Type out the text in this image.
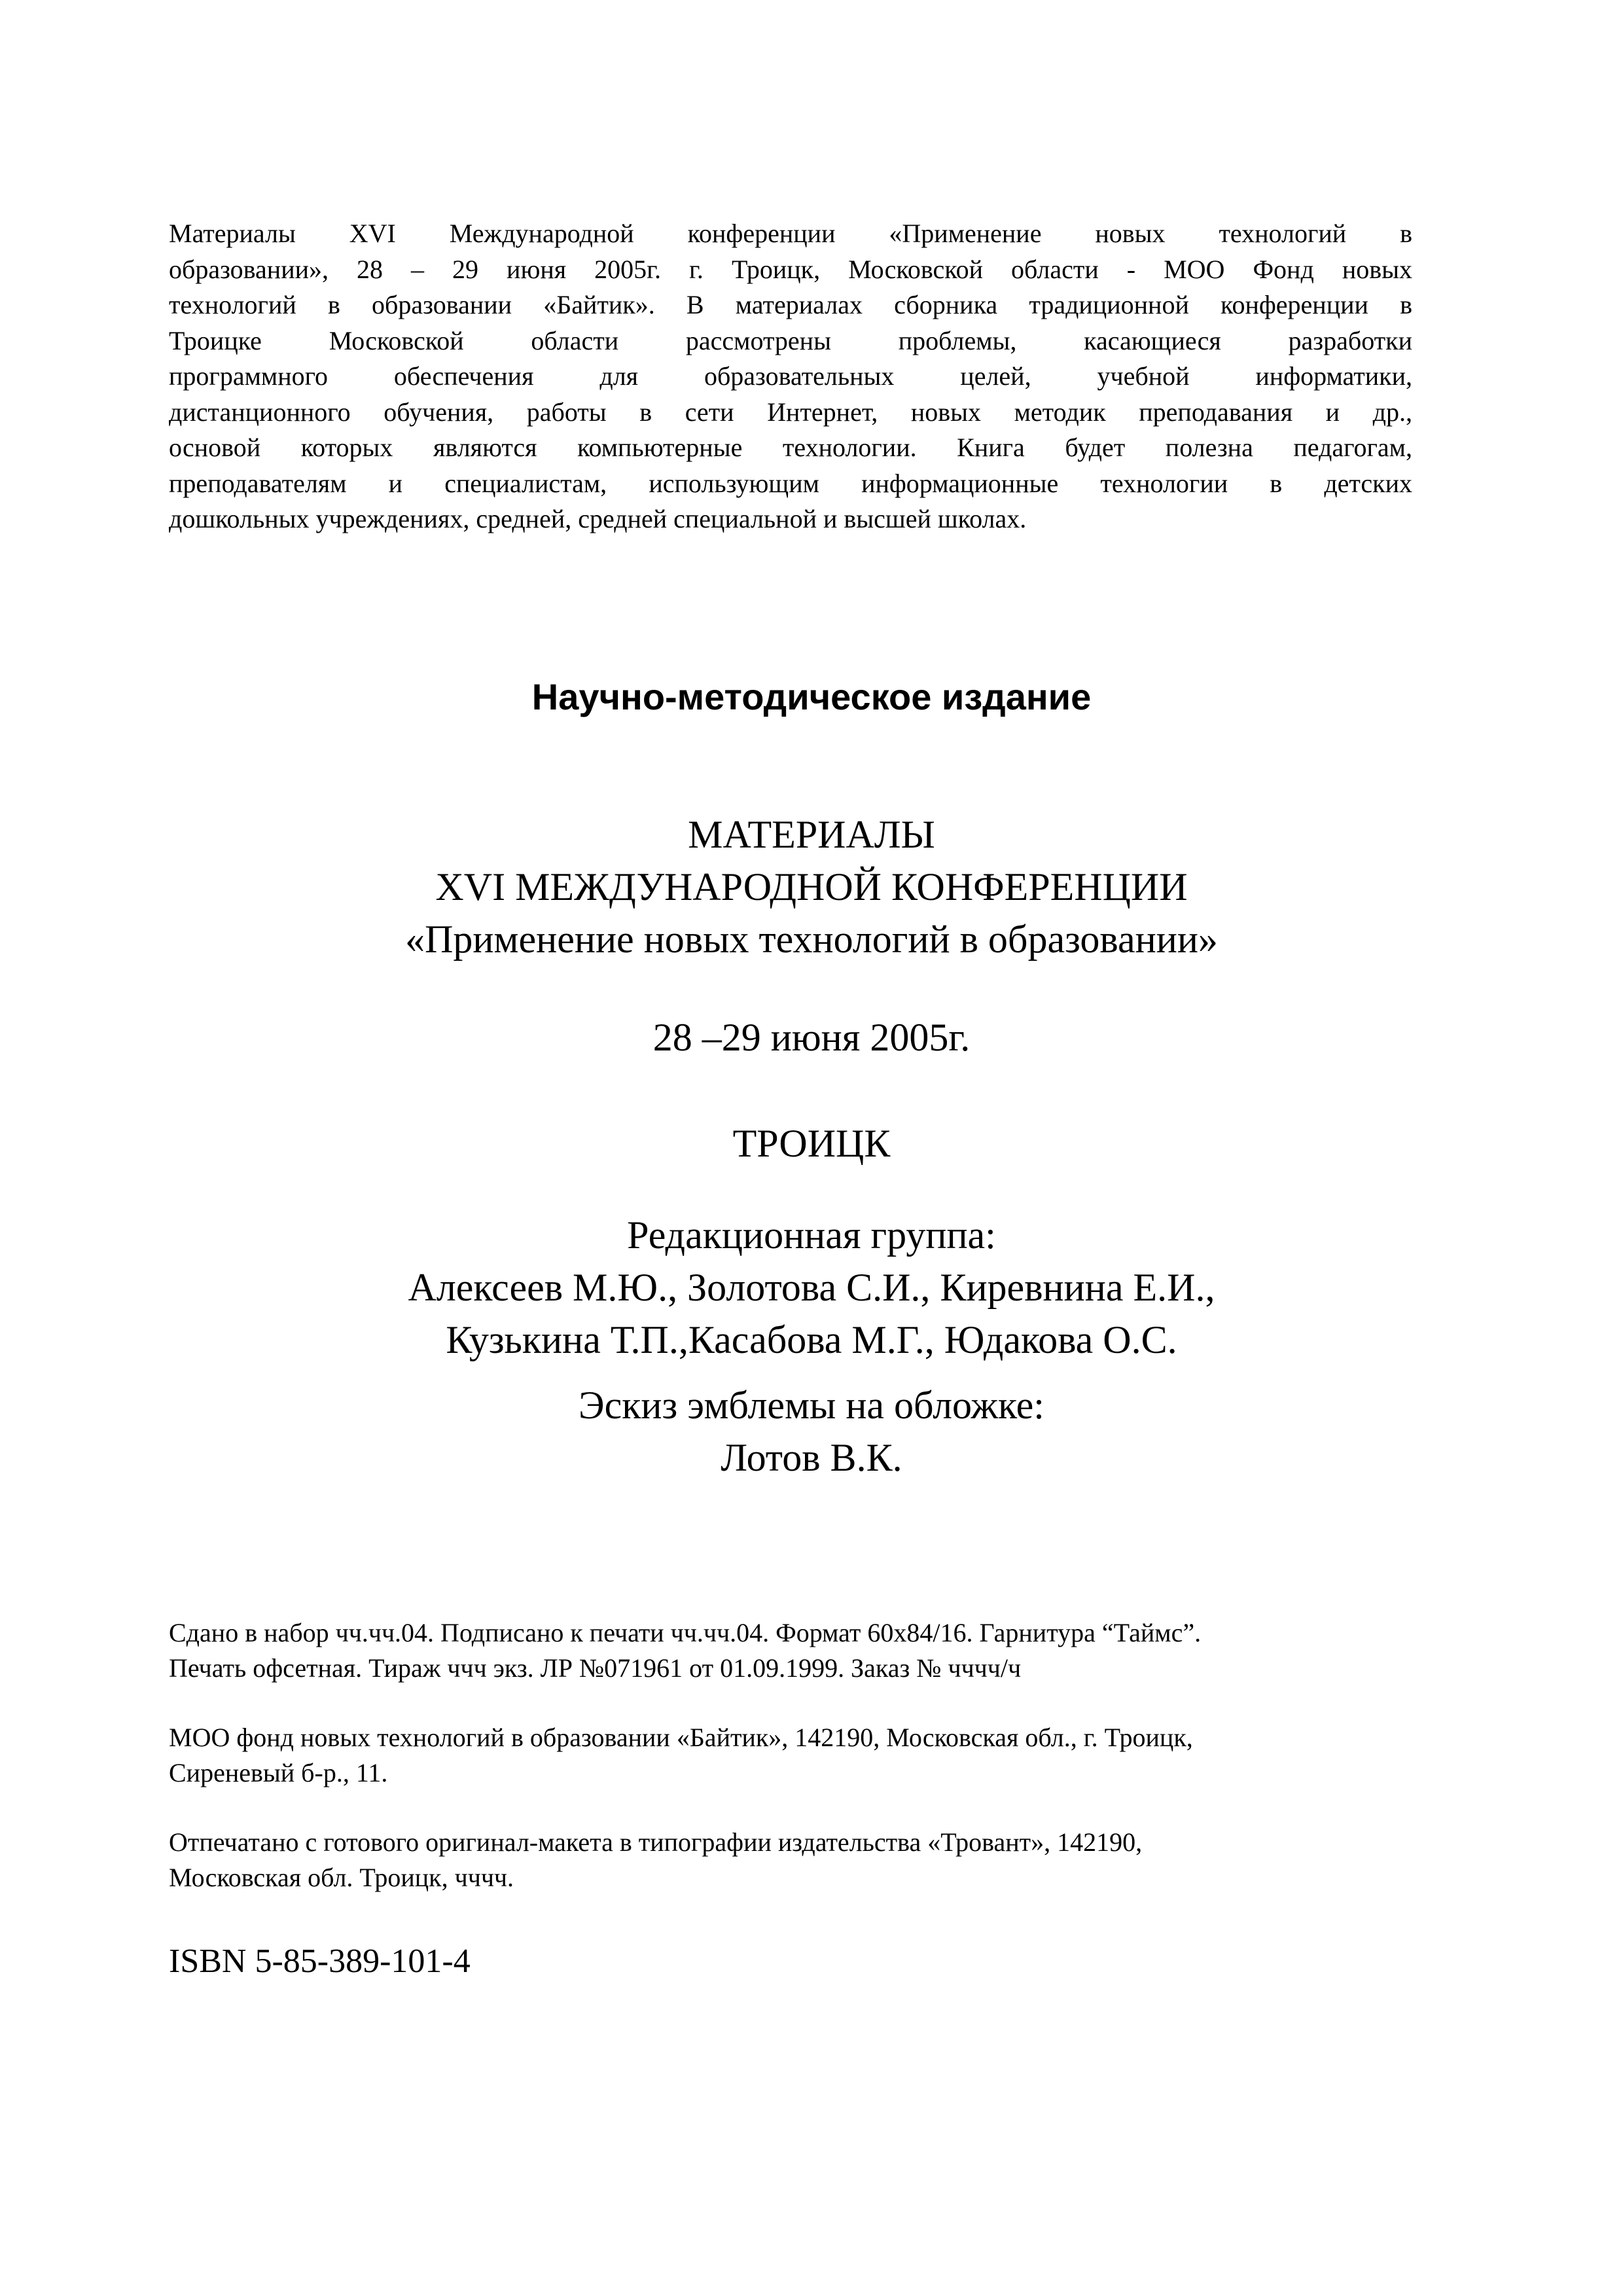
Материалы XVI Международной конференции «Применение новых технологий в
образовании», 28 – 29 июня 2005г. г. Троицк, Московской области - МОО Фонд новых
технологий в образовании «Байтик». В материалах сборника традиционной конференции в
Троицке Московской области рассмотрены проблемы, касающиеся разработки
программного обеспечения для образовательных целей, учебной информатики,
дистанционного обучения, работы в сети Интернет, новых методик преподавания и др.,
основой которых являются компьютерные технологии. Книга будет полезна педагогам,
преподавателям и специалистам, использующим информационные технологии в детских
дошкольных учреждениях, средней, средней специальной и высшей школах.
Научно-методическое издание
МАТЕРИАЛЫ
XVI МЕЖДУНАРОДНОЙ КОНФЕРЕНЦИИ
«Применение новых технологий в образовании»
28 –29 июня 2005г.
ТРОИЦК
Редакционная группа:
Алексеев М.Ю., Золотова С.И., Киревнина Е.И.,
Кузькина Т.П.,Касабова М.Г., Юдакова О.С.
Эскиз эмблемы на обложке:
Лотов В.К.
Сдано в набор чч.чч.04. Подписано к печати чч.чч.04. Формат 60х84/16. Гарнитура “Таймс”.
Печать офсетная. Тираж ччч экз. ЛР №071961 от 01.09.1999. Заказ № чччч/ч
МОО фонд новых технологий в образовании «Байтик», 142190, Московская обл., г. Троицк,
Сиреневый б-р., 11.
Отпечатано с готового оригинал-макета в типографии издательства «Тровант», 142190,
Московская обл. Троицк, чччч.
ISBN 5-85-389-101-4
